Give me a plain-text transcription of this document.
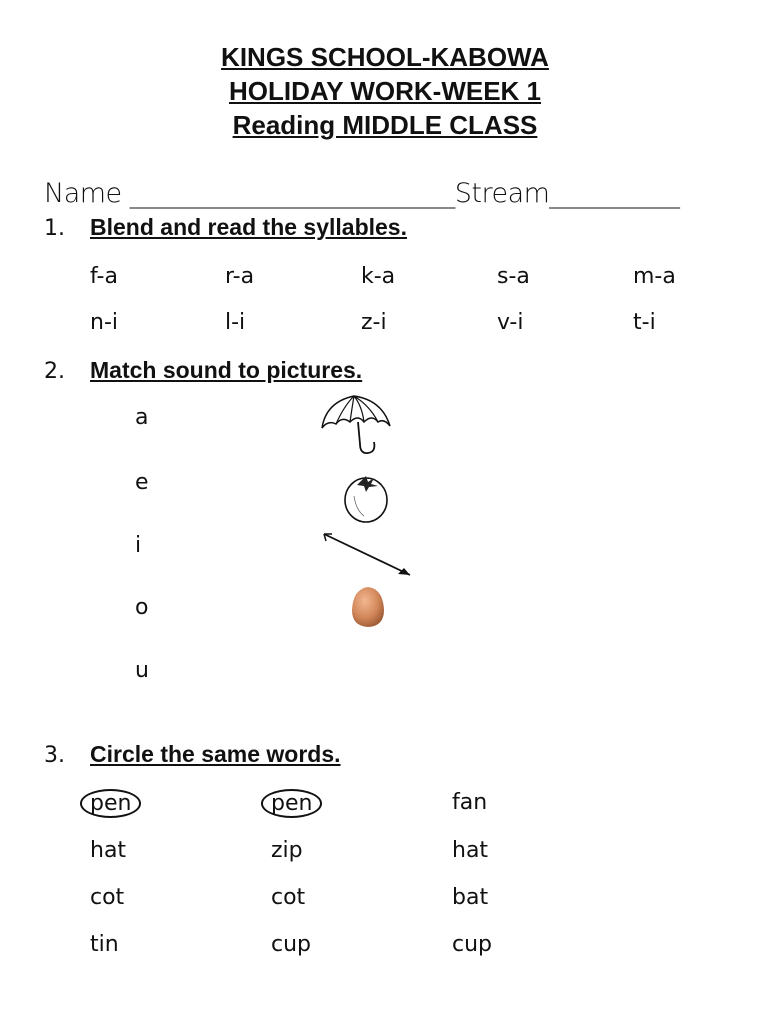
KINGS SCHOOL-KABOWA
HOLIDAY WORK-WEEK 1
Reading MIDDLE CLASS
Name _________________________Stream__________
1. Blend and read the syllables.
f-a	r-a	k-a	s-a	m-a
n-i	l-i	z-i	v-i	t-i
2. Match sound to pictures.
a
e
i
o
u
3. Circle the same words.
pen	pen	fan
hat	zip	hat
cot	cot	bat
tin	cup	cup
